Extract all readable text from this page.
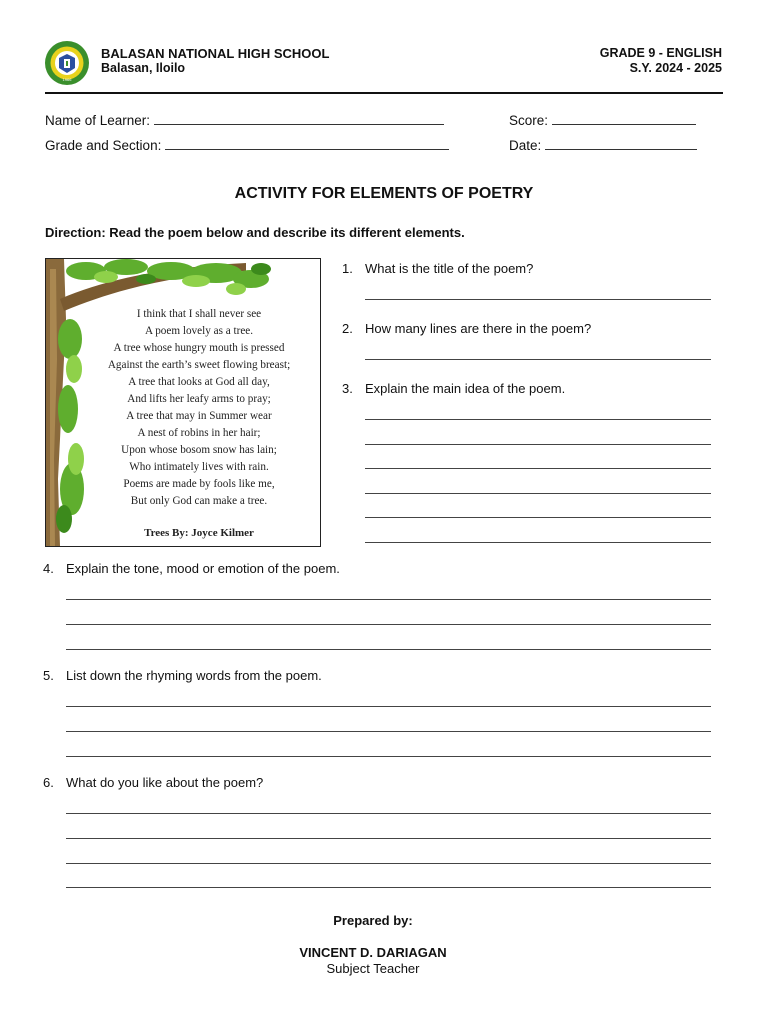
1966
BALASAN NATIONAL HIGH SCHOOL
Balasan, Iloilo
GRADE 9 - ENGLISH
S.Y. 2024 - 2025
Name of Learner:
Grade and Section:
Score:
Date:
ACTIVITY FOR ELEMENTS OF POETRY
Direction: Read the poem below and describe its different elements.
I think that I shall never see
A poem lovely as a tree.
A tree whose hungry mouth is pressed
Against the earth’s sweet flowing breast;
A tree that looks at God all day,
And lifts her leafy arms to pray;
A tree that may in Summer wear
A nest of robins in her hair;
Upon whose bosom snow has lain;
Who intimately lives with rain.
Poems are made by fools like me,
But only God can make a tree.
Trees By: Joyce Kilmer
1. What is the title of the poem?
2. How many lines are there in the poem?
3. Explain the main idea of the poem.
4. Explain the tone, mood or emotion of the poem.
5. List down the rhyming words from the poem.
6. What do you like about the poem?
Prepared by:
VINCENT D. DARIAGAN
Subject Teacher
